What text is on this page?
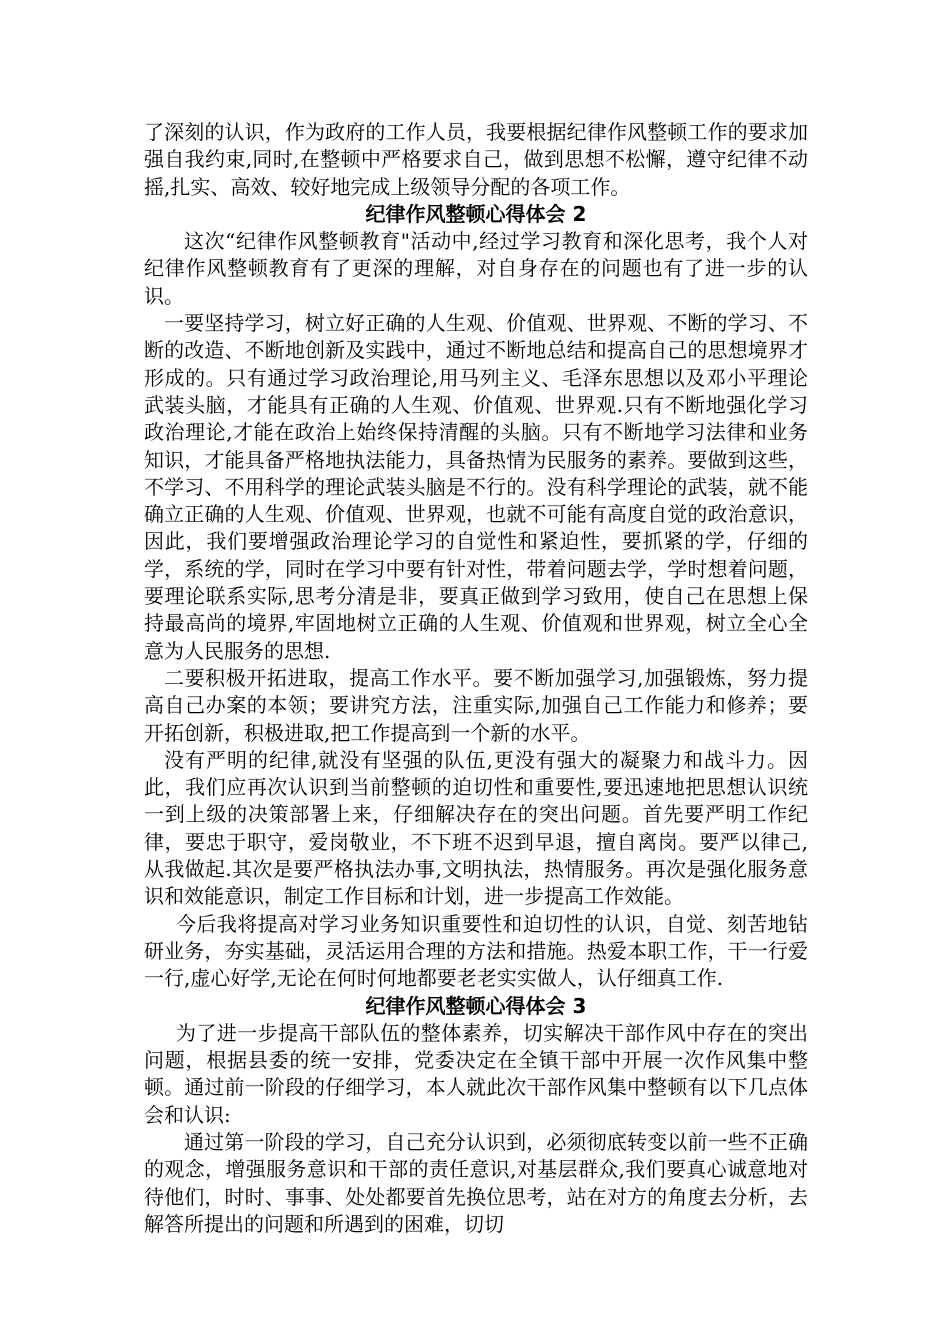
了深刻的认识，作为政府的工作人员，我要根据纪律作风整顿工作的要求加强自我约束,同时,在整顿中严格要求自己，做到思想不松懈，遵守纪律不动摇,扎实、高效、较好地完成上级领导分配的各项工作。

纪律作风整顿心得体会 2

这次“纪律作风整顿教育"活动中,经过学习教育和深化思考，我个人对纪律作风整顿教育有了更深的理解，对自身存在的问题也有了进一步的认识。

一要坚持学习，树立好正确的人生观、价值观、世界观、不断的学习、不断的改造、不断地创新及实践中，通过不断地总结和提高自己的思想境界才形成的。只有通过学习政治理论,用马列主义、毛泽东思想以及邓小平理论武装头脑，才能具有正确的人生观、价值观、世界观.只有不断地强化学习政治理论,才能在政治上始终保持清醒的头脑。只有不断地学习法律和业务知识，才能具备严格地执法能力，具备热情为民服务的素养。要做到这些，不学习、不用科学的理论武装头脑是不行的。没有科学理论的武装，就不能确立正确的人生观、价值观、世界观，也就不可能有高度自觉的政治意识，因此，我们要增强政治理论学习的自觉性和紧迫性，要抓紧的学，仔细的学，系统的学，同时在学习中要有针对性，带着问题去学，学时想着问题，要理论联系实际,思考分清是非，要真正做到学习致用，使自己在思想上保持最高尚的境界,牢固地树立正确的人生观、价值观和世界观，树立全心全意为人民服务的思想.

二要积极开拓进取，提高工作水平。要不断加强学习,加强锻炼，努力提高自己办案的本领；要讲究方法，注重实际,加强自己工作能力和修养；要开拓创新，积极进取,把工作提高到一个新的水平。

没有严明的纪律,就没有坚强的队伍,更没有强大的凝聚力和战斗力。因此，我们应再次认识到当前整顿的迫切性和重要性,要迅速地把思想认识统一到上级的决策部署上来，仔细解决存在的突出问题。首先要严明工作纪律，要忠于职守，爱岗敬业，不下班不迟到早退，擅自离岗。要严以律己,从我做起.其次是要严格执法办事,文明执法，热情服务。再次是强化服务意识和效能意识，制定工作目标和计划，进一步提高工作效能。

今后我将提高对学习业务知识重要性和迫切性的认识，自觉、刻苦地钻研业务，夯实基础，灵活运用合理的方法和措施。热爱本职工作，干一行爱一行,虚心好学,无论在何时何地都要老老实实做人，认仔细真工作.

纪律作风整顿心得体会 3

为了进一步提高干部队伍的整体素养，切实解决干部作风中存在的突出问题，根据县委的统一安排，党委决定在全镇干部中开展一次作风集中整顿。通过前一阶段的仔细学习，本人就此次干部作风集中整顿有以下几点体会和认识:

通过第一阶段的学习，自己充分认识到，必须彻底转变以前一些不正确的观念，增强服务意识和干部的责任意识,对基层群众,我们要真心诚意地对待他们，时时、事事、处处都要首先换位思考，站在对方的角度去分析，去解答所提出的问题和所遇到的困难，切切
